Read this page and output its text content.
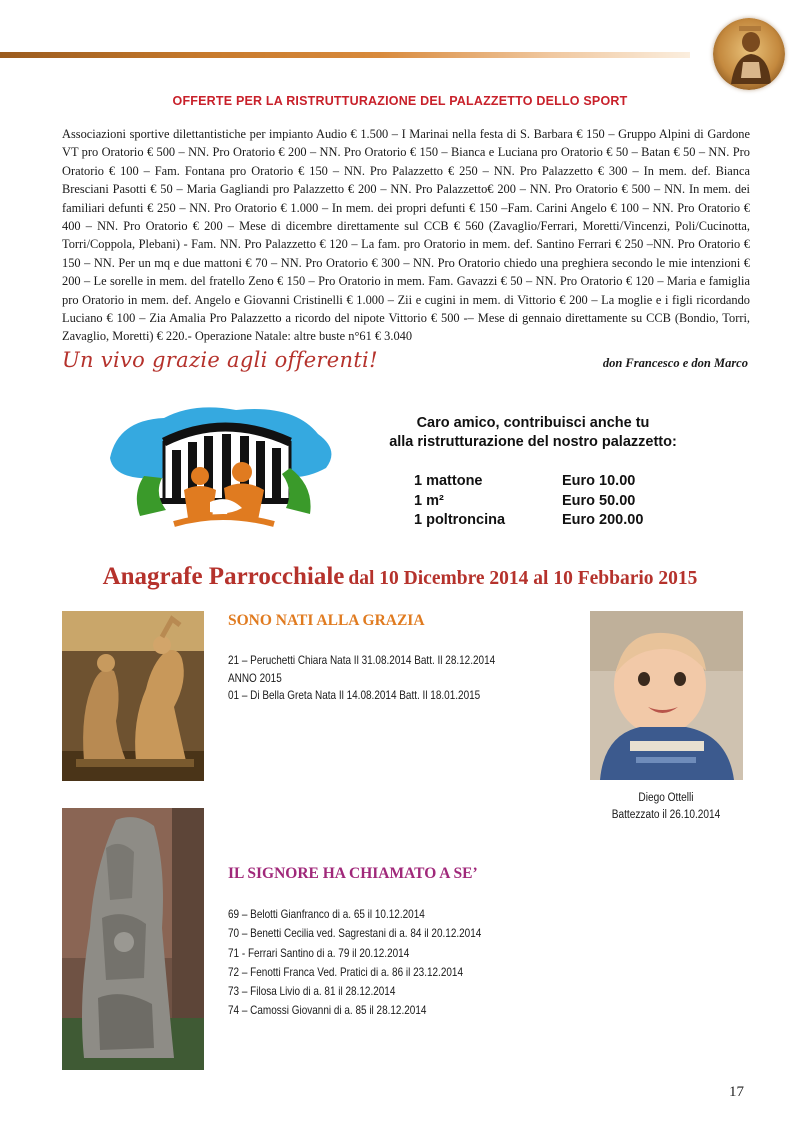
OFFERTE PER LA RISTRUTTURAZIONE DEL PALAZZETTO DELLO SPORT

Associazioni sportive dilettantistiche per impianto Audio € 1.500 – I Marinai nella festa di S. Barbara € 150 – Gruppo Alpini di Gardone VT pro Oratorio € 500 – NN. Pro Oratorio € 200 – NN. Pro Oratorio € 150 – Bianca e Luciana pro Oratorio € 50 – Batan € 50 – NN. Pro Oratorio € 100 – Fam. Fontana pro Oratorio € 150 – NN. Pro Palazzetto € 250 – NN. Pro Palazzetto € 300 – In mem. def. Bianca Bresciani Pasotti € 50 – Maria Gagliandi pro Palazzetto € 200 – NN. Pro Palazzetto€ 200 – NN. Pro Oratorio € 500 – NN. In mem. dei familiari defunti € 250 – NN. Pro Oratorio € 1.000 – In mem. dei propri defunti € 150 –Fam. Carini Angelo € 100 – NN. Pro Oratorio € 400 – NN. Pro Oratorio € 200 – Mese di dicembre direttamente sul CCB € 560 (Zavaglio/Ferrari, Moretti/Vincenzi, Poli/Cucinotta, Torri/Coppola, Plebani) - Fam. NN. Pro Palazzetto € 120 – La fam. pro Oratorio in mem. def. Santino Ferrari € 250 –NN. Pro Oratorio € 150 – NN. Per un mq e due mattoni € 70 – NN. Pro Oratorio € 300 – NN. Pro Oratorio chiedo una preghiera secondo le mie intenzioni € 200 – Le sorelle in mem. del fratello Zeno € 150 – Pro Oratorio in mem. Fam. Gavazzi € 50 – NN. Pro Oratorio € 120 – Maria e famiglia pro Oratorio in mem. def. Angelo e Giovanni Cristinelli € 1.000 – Zii e cugini in mem. di Vittorio € 200 – La moglie e i figli ricordando Luciano € 100 – Zia Amalia Pro Palazzetto a ricordo del nipote Vittorio € 500 -– Mese di gennaio direttamente su CCB (Bondio, Torri, Zavaglio, Moretti) € 220.- Operazione Natale: altre buste n°61 € 3.040

Un vivo grazie agli offerenti!	don Francesco e don Marco
Caro amico, contribuisci anche tu
alla ristrutturazione del nostro palazzetto:
1 mattone	Euro 10.00
1 m²	Euro 50.00
1 poltroncina	Euro 200.00
Anagrafe Parrocchiale dal 10 Dicembre 2014 al 10 Febbario 2015
SONO NATI ALLA GRAZIA
21 – Peruchetti Chiara Nata Il 31.08.2014 Batt. Il 28.12.2014
ANNO 2015
01 – Di Bella Greta Nata Il 14.08.2014 Batt. Il 18.01.2015
Diego Ottelli
Battezzato il 26.10.2014
IL SIGNORE HA CHIAMATO A SE’
69 – Belotti Gianfranco di a. 65 il 10.12.2014
70 – Benetti Cecilia ved. Sagrestani di a. 84 il 20.12.2014
71 - Ferrari Santino di a. 79 il 20.12.2014
72 – Fenotti Franca Ved. Pratici di a. 86 il 23.12.2014
73 – Filosa Livio di a. 81 il 28.12.2014
74 – Camossi Giovanni di a. 85 il 28.12.2014
17
